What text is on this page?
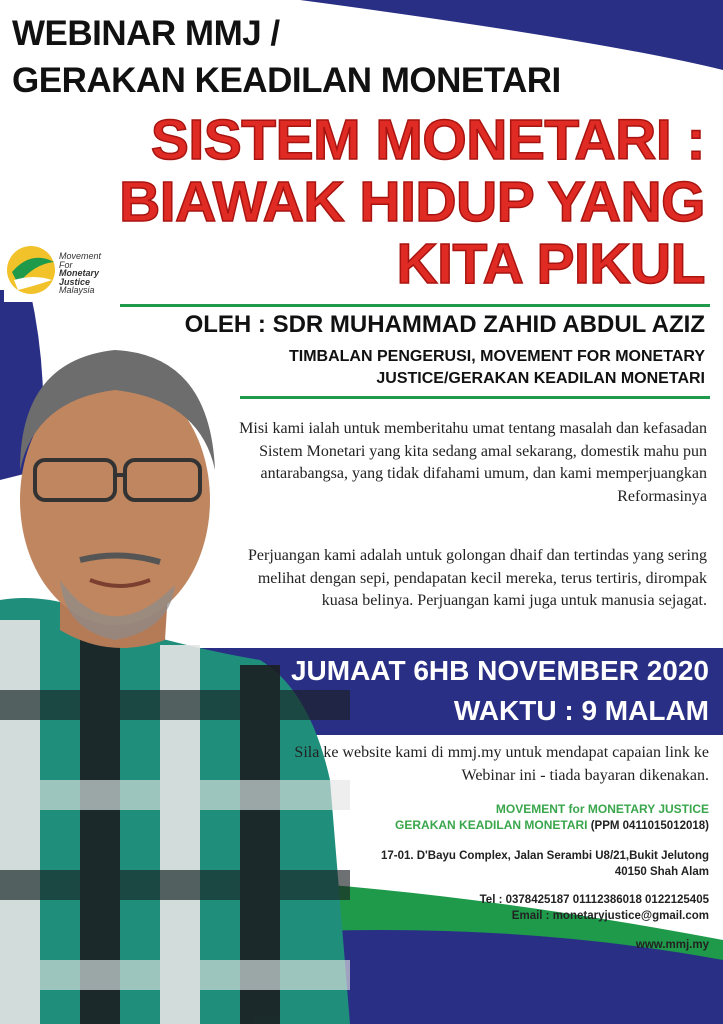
WEBINAR MMJ /
GERAKAN KEADILAN MONETARI
SISTEM MONETARI :
BIAWAK HIDUP YANG
KITA PIKUL
Movement
For
Monetary
Justice
Malaysia
OLEH : SDR MUHAMMAD ZAHID ABDUL AZIZ
TIMBALAN PENGERUSI, MOVEMENT FOR MONETARY
JUSTICE/GERAKAN KEADILAN MONETARI
Misi kami ialah untuk memberitahu umat tentang masalah dan kefasadan Sistem Monetari yang kita sedang amal sekarang, domestik mahu pun antarabangsa, yang tidak difahami umum, dan kami memperjuangkan Reformasinya
Perjuangan kami adalah untuk golongan dhaif dan tertindas yang sering melihat dengan sepi, pendapatan kecil mereka, terus tertiris, dirompak kuasa belinya. Perjuangan kami juga untuk manusia sejagat.
JUMAAT 6HB NOVEMBER 2020
WAKTU : 9 MALAM
Sila ke website kami di mmj.my untuk mendapat capaian link ke Webinar ini - tiada bayaran dikenakan.
MOVEMENT for MONETARY JUSTICE
GERAKAN KEADILAN MONETARI (PPM 0411015012018)
17-01. D'Bayu Complex, Jalan Serambi U8/21,Bukit Jelutong
40150 Shah Alam
Tel : 0378425187 01112386018 0122125405
Email : monetaryjustice@gmail.com
www.mmj.my
